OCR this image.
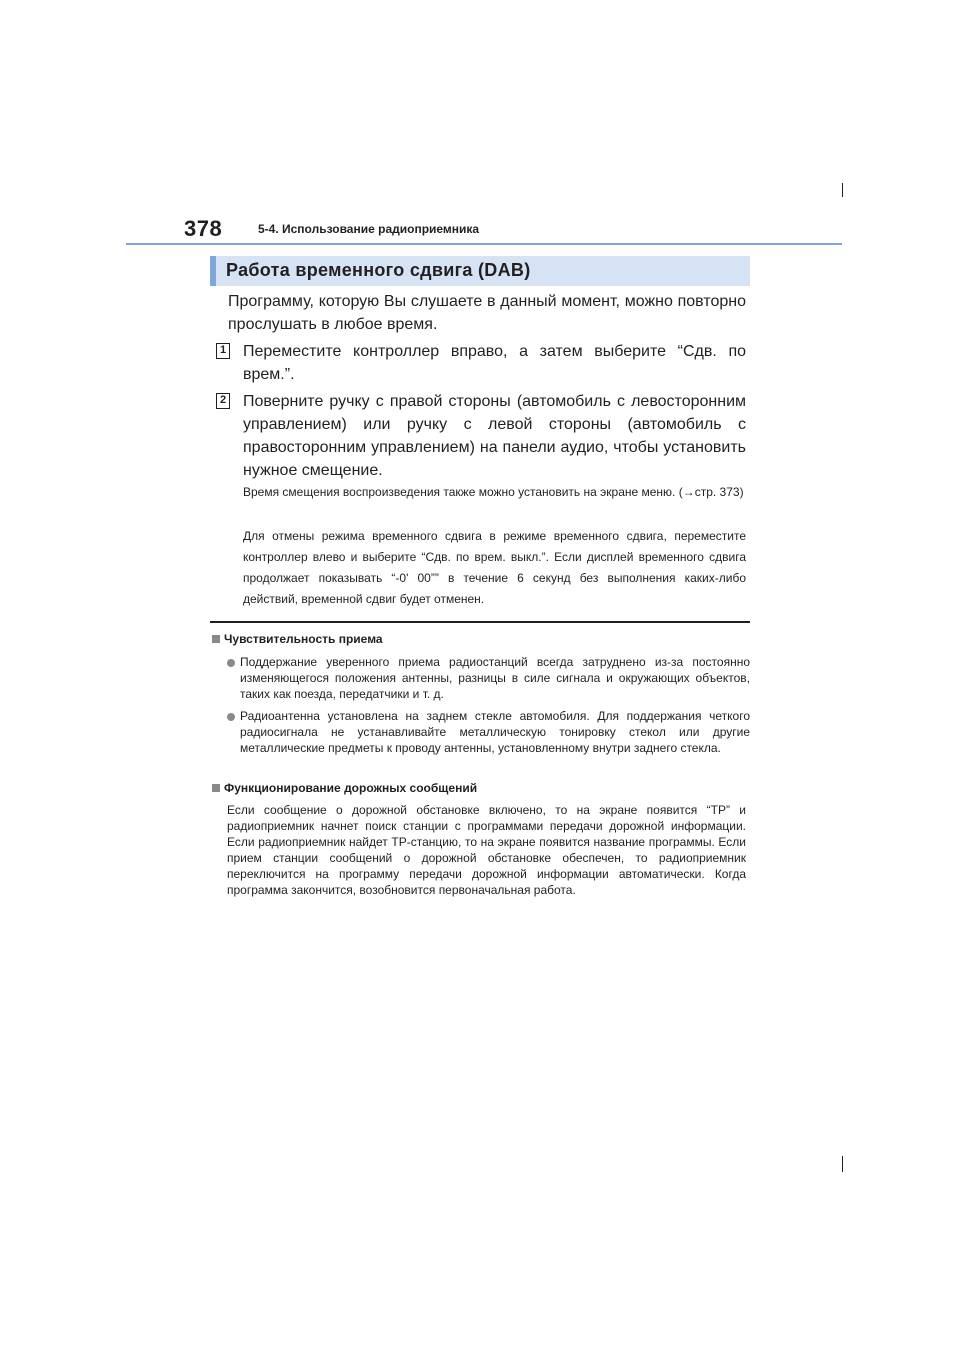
378	5-4. Использование радиоприемника
Работа временного сдвига (DAB)
Программу, которую Вы слушаете в данный момент, можно повторно прослушать в любое время.
1 Переместите контроллер вправо, а затем выберите “Сдв. по врем.”.
2 Поверните ручку с правой стороны (автомобиль с левосторонним управлением) или ручку с левой стороны (автомобиль с правосторонним управлением) на панели аудио, чтобы установить нужное смещение.
Время смещения воспроизведения также можно установить на экране меню. (→стр. 373)
Для отмены режима временного сдвига в режиме временного сдвига, переместите контроллер влево и выберите “Сдв. по врем. выкл.”. Если дисплей временного сдвига продолжает показывать “-0' 00”” в течение 6 секунд без выполнения каких-либо действий, временной сдвиг будет отменен.
Чувствительность приема
Поддержание уверенного приема радиостанций всегда затруднено из-за постоянно изменяющегося положения антенны, разницы в силе сигнала и окружающих объектов, таких как поезда, передатчики и т. д.
Радиоантенна установлена на заднем стекле автомобиля. Для поддержания четкого радиосигнала не устанавливайте металлическую тонировку стекол или другие металлические предметы к проводу антенны, установленному внутри заднего стекла.
Функционирование дорожных сообщений
Если сообщение о дорожной обстановке включено, то на экране появится “TP” и радиоприемник начнет поиск станции с программами передачи дорожной информации. Если радиоприемник найдет TP-станцию, то на экране появится название программы. Если прием станции сообщений о дорожной обстановке обеспечен, то радиоприемник переключится на программу передачи дорожной информации автоматически. Когда программа закончится, возобновится первоначальная работа.
